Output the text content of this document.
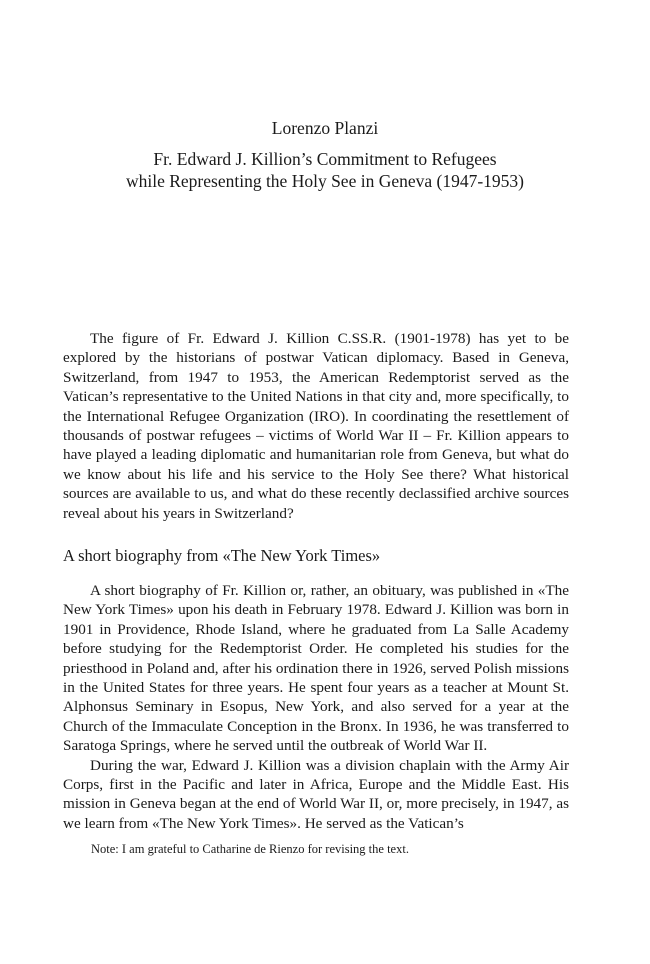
Lorenzo Planzi

Fr. Edward J. Killion’s Commitment to Refugees
while Representing the Holy See in Geneva (1947-1953)

The figure of Fr. Edward J. Killion C.SS.R. (1901-1978) has yet to be explored by the historians of postwar Vatican diplomacy. Based in Geneva, Switzerland, from 1947 to 1953, the American Redemptorist served as the Vatican’s representative to the United Nations in that city and, more specifically, to the International Refugee Organization (IRO). In coordinating the resettlement of thousands of postwar refugees – victims of World War II – Fr. Killion appears to have played a leading diplomatic and humanitarian role from Geneva, but what do we know about his life and his service to the Holy See there? What historical sources are available to us, and what do these recently declassified archive sources reveal about his years in Switzerland?

A short biography from «The New York Times»

A short biography of Fr. Killion or, rather, an obituary, was published in «The New York Times» upon his death in February 1978. Edward J. Killion was born in 1901 in Providence, Rhode Island, where he graduated from La Salle Academy before studying for the Redemptorist Order. He completed his studies for the priesthood in Poland and, after his ordination there in 1926, served Polish missions in the United States for three years. He spent four years as a teacher at Mount St. Alphonsus Seminary in Esopus, New York, and also served for a year at the Church of the Immaculate Conception in the Bronx. In 1936, he was transferred to Saratoga Springs, where he served until the outbreak of World War II.

During the war, Edward J. Killion was a division chaplain with the Army Air Corps, first in the Pacific and later in Africa, Europe and the Middle East. His mission in Geneva began at the end of World War II, or, more precisely, in 1947, as we learn from «The New York Times». He served as the Vatican’s

Note: I am grateful to Catharine de Rienzo for revising the text.
